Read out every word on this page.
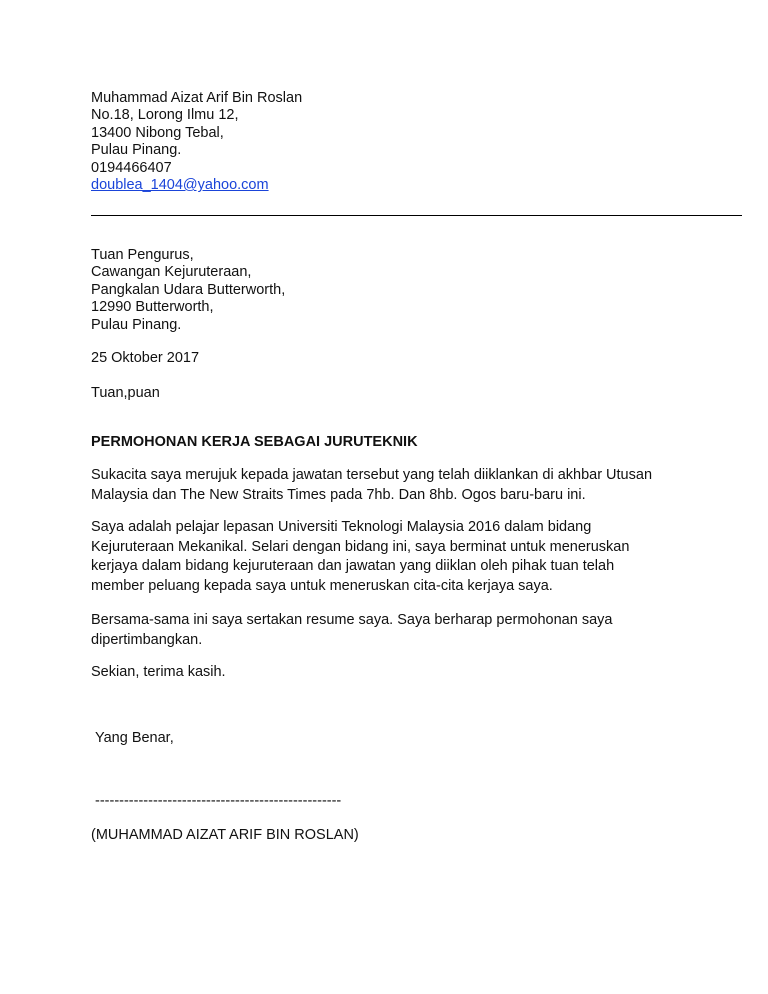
Muhammad Aizat Arif Bin Roslan
No.18, Lorong Ilmu 12,
13400 Nibong Tebal,
Pulau Pinang.
0194466407
doublea_1404@yahoo.com
Tuan Pengurus,
Cawangan Kejuruteraan,
Pangkalan Udara Butterworth,
12990 Butterworth,
Pulau Pinang.
25 Oktober 2017
Tuan,puan
PERMOHONAN KERJA SEBAGAI JURUTEKNIK
Sukacita saya merujuk kepada jawatan tersebut yang telah diiklankan di akhbar Utusan
Malaysia dan The New Straits Times pada 7hb. Dan 8hb. Ogos baru-baru ini.
Saya adalah pelajar lepasan Universiti Teknologi Malaysia 2016 dalam bidang
Kejuruteraan Mekanikal. Selari dengan bidang ini, saya berminat untuk meneruskan
kerjaya dalam bidang kejuruteraan dan jawatan yang diiklan oleh pihak tuan telah
member peluang kepada saya untuk meneruskan cita-cita kerjaya saya.
Bersama-sama ini saya sertakan resume saya. Saya berharap permohonan saya
dipertimbangkan.
Sekian, terima kasih.
Yang Benar,
---------------------------------------------------
(MUHAMMAD AIZAT ARIF BIN ROSLAN)
